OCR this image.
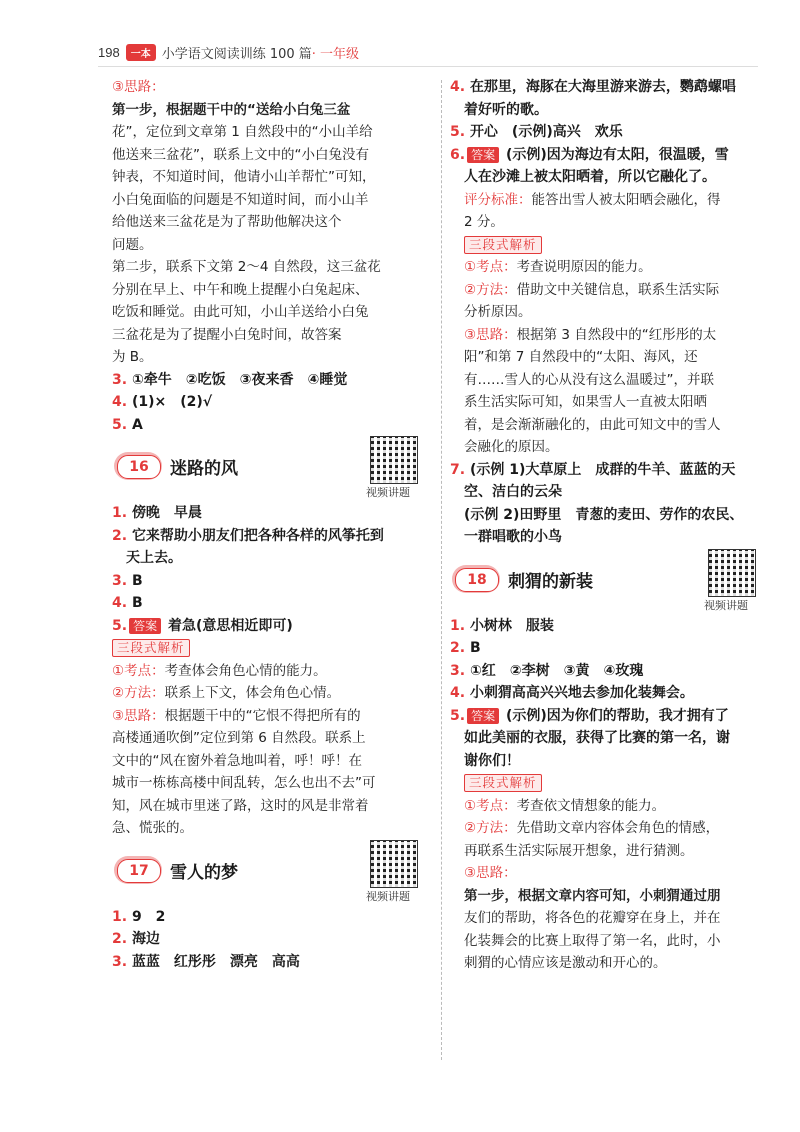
198	一本 小学语文阅读训练 100 篇 · 一年级
③思路：
第一步，根据题干中的“送给小白兔三盆
花”，定位到文章第 1 自然段中的“小山羊给
他送来三盆花”，联系上文中的“小白兔没有
钟表，不知道时间，他请小山羊帮忙”可知，
小白兔面临的问题是不知道时间，而小山羊
给他送来三盆花是为了帮助他解决这个
问题。
第二步，联系下文第 2～4 自然段，这三盆花
分别在早上、中午和晚上提醒小白兔起床、
吃饭和睡觉。由此可知，小山羊送给小白兔
三盆花是为了提醒小白兔时间，故答案
为 B。
3. ①牵牛　②吃饭　③夜来香　④睡觉
4. (1)×　(2)√
5. A
16	迷路的风
视频讲题
1. 傍晚　早晨
2. 它来帮助小朋友们把各种各样的风筝托到
天上去。
3. B
4. B
5. 答案 着急(意思相近即可)
三段式解析
①考点：考查体会角色心情的能力。
②方法：联系上下文，体会角色心情。
③思路：根据题干中的“它恨不得把所有的
高楼通通吹倒”定位到第 6 自然段。联系上
文中的“风在窗外着急地叫着，呼！呼！在
城市一栋栋高楼中间乱转，怎么也出不去”可
知，风在城市里迷了路，这时的风是非常着
急、慌张的。
17	雪人的梦
视频讲题
1. 9　2
2. 海边
3. 蓝蓝　红彤彤　漂亮　高高
4. 在那里，海豚在大海里游来游去，鹦鹉螺唱
着好听的歌。
5. 开心　(示例)高兴　欢乐
6. 答案 (示例)因为海边有太阳，很温暖，雪
人在沙滩上被太阳晒着，所以它融化了。
评分标准：能答出雪人被太阳晒会融化，得
2 分。
三段式解析
①考点：考查说明原因的能力。
②方法：借助文中关键信息，联系生活实际
分析原因。
③思路：根据第 3 自然段中的“红彤彤的太
阳”和第 7 自然段中的“太阳、海风，还
有……雪人的心从没有这么温暖过”，并联
系生活实际可知，如果雪人一直被太阳晒
着，是会渐渐融化的，由此可知文中的雪人
会融化的原因。
7. (示例 1)大草原上　成群的牛羊、蓝蓝的天
空、洁白的云朵
(示例 2)田野里　青葱的麦田、劳作的农民、
一群唱歌的小鸟
18	刺猬的新装
视频讲题
1. 小树林　服装
2. B
3. ①红　②李树　③黄　④玫瑰
4. 小刺猬高高兴兴地去参加化装舞会。
5. 答案 (示例)因为你们的帮助，我才拥有了
如此美丽的衣服，获得了比赛的第一名，谢
谢你们！
三段式解析
①考点：考查依文情想象的能力。
②方法：先借助文章内容体会角色的情感，
再联系生活实际展开想象，进行猜测。
③思路：
第一步，根据文章内容可知，小刺猬通过朋
友们的帮助，将各色的花瓣穿在身上，并在
化装舞会的比赛上取得了第一名，此时，小
刺猬的心情应该是激动和开心的。
